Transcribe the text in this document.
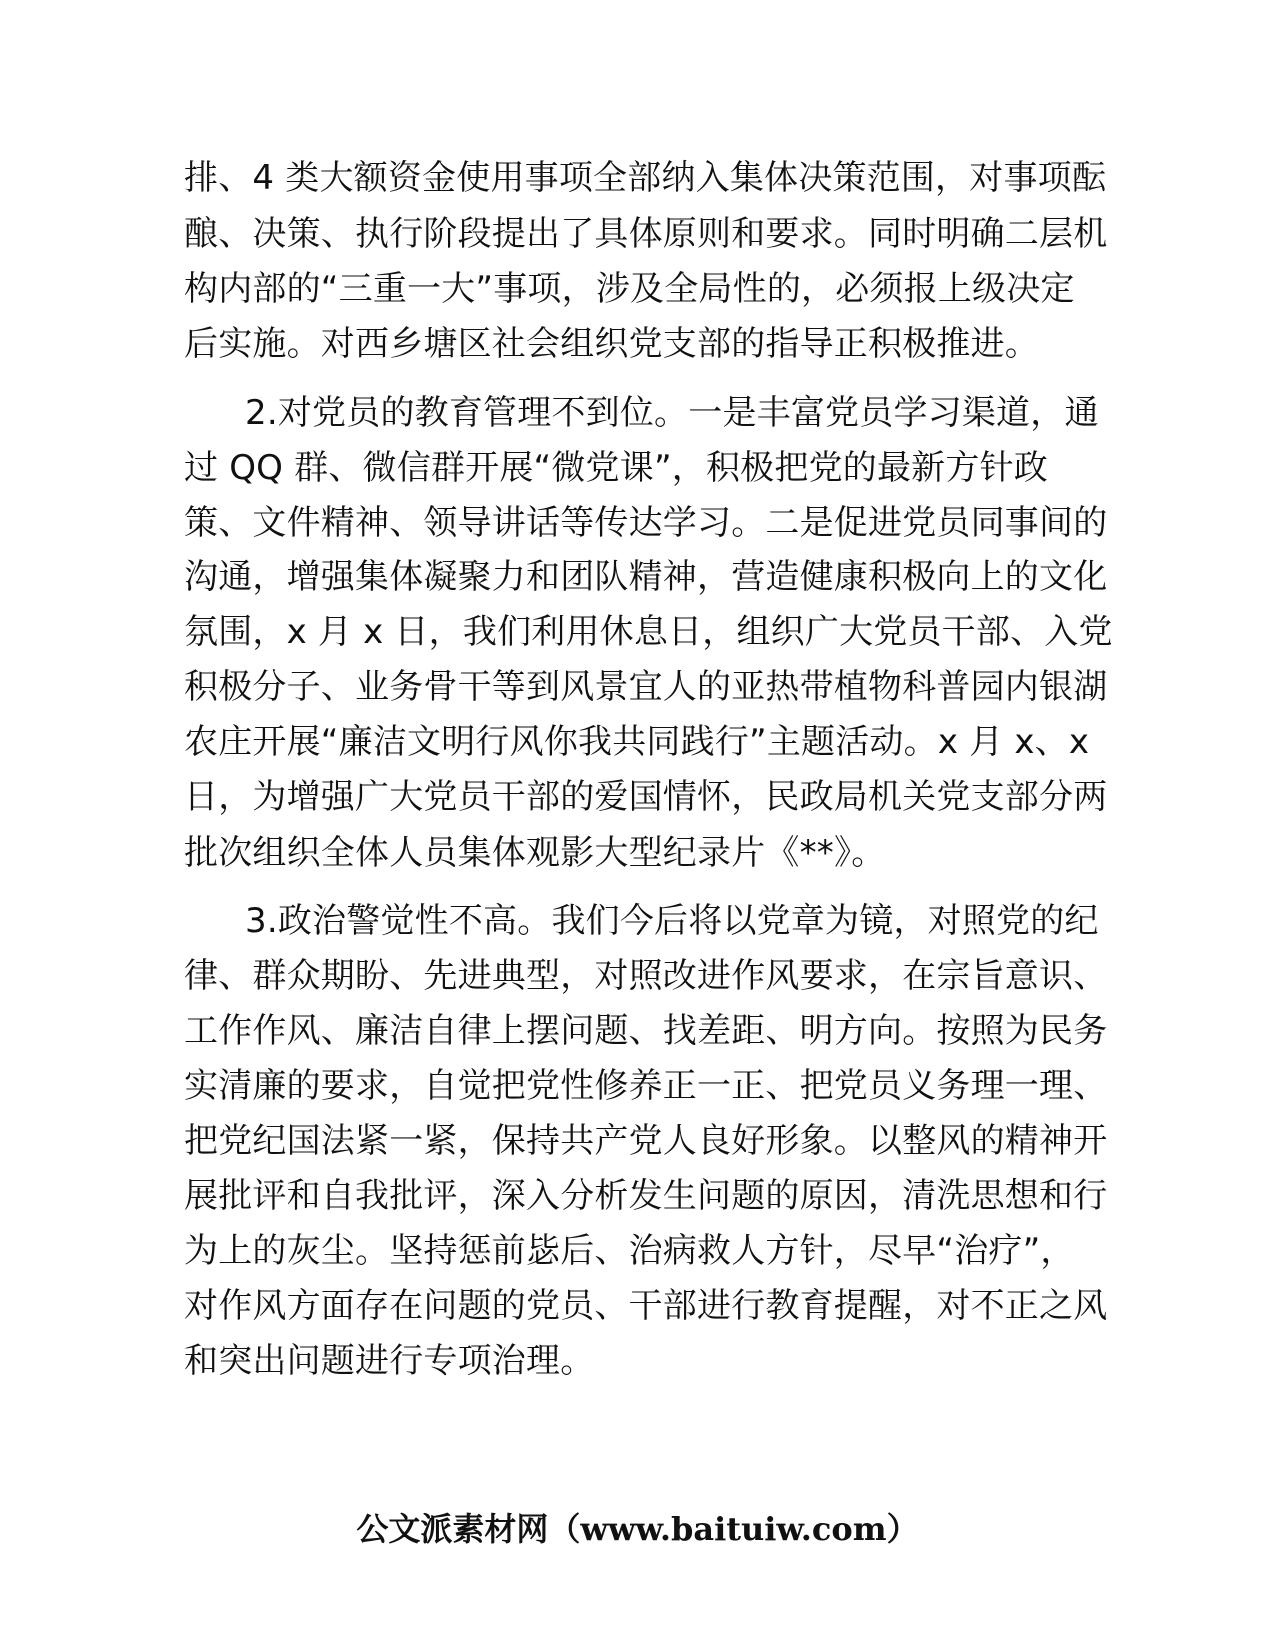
排、4 类大额资金使用事项全部纳入集体决策范围，对事项酝
酿、决策、执行阶段提出了具体原则和要求。同时明确二层机
构内部的“三重一大”事项，涉及全局性的，必须报上级决定
后实施。对西乡塘区社会组织党支部的指导正积极推进。
2.对党员的教育管理不到位。一是丰富党员学习渠道，通
过 QQ 群、微信群开展“微党课”，积极把党的最新方针政
策、文件精神、领导讲话等传达学习。二是促进党员同事间的
沟通，增强集体凝聚力和团队精神，营造健康积极向上的文化
氛围，x 月 x 日，我们利用休息日，组织广大党员干部、入党
积极分子、业务骨干等到风景宜人的亚热带植物科普园内银湖
农庄开展“廉洁文明行风你我共同践行”主题活动。x 月 x、x
日，为增强广大党员干部的爱国情怀，民政局机关党支部分两
批次组织全体人员集体观影大型纪录片《**》。
3.政治警觉性不高。我们今后将以党章为镜，对照党的纪
律、群众期盼、先进典型，对照改进作风要求，在宗旨意识、
工作作风、廉洁自律上摆问题、找差距、明方向。按照为民务
实清廉的要求，自觉把党性修养正一正、把党员义务理一理、
把党纪国法紧一紧，保持共产党人良好形象。以整风的精神开
展批评和自我批评，深入分析发生问题的原因，清洗思想和行
为上的灰尘。坚持惩前毖后、治病救人方针，尽早“治疗”，
对作风方面存在问题的党员、干部进行教育提醒，对不正之风
和突出问题进行专项治理。
公文派素材网（www.baituiw.com）
